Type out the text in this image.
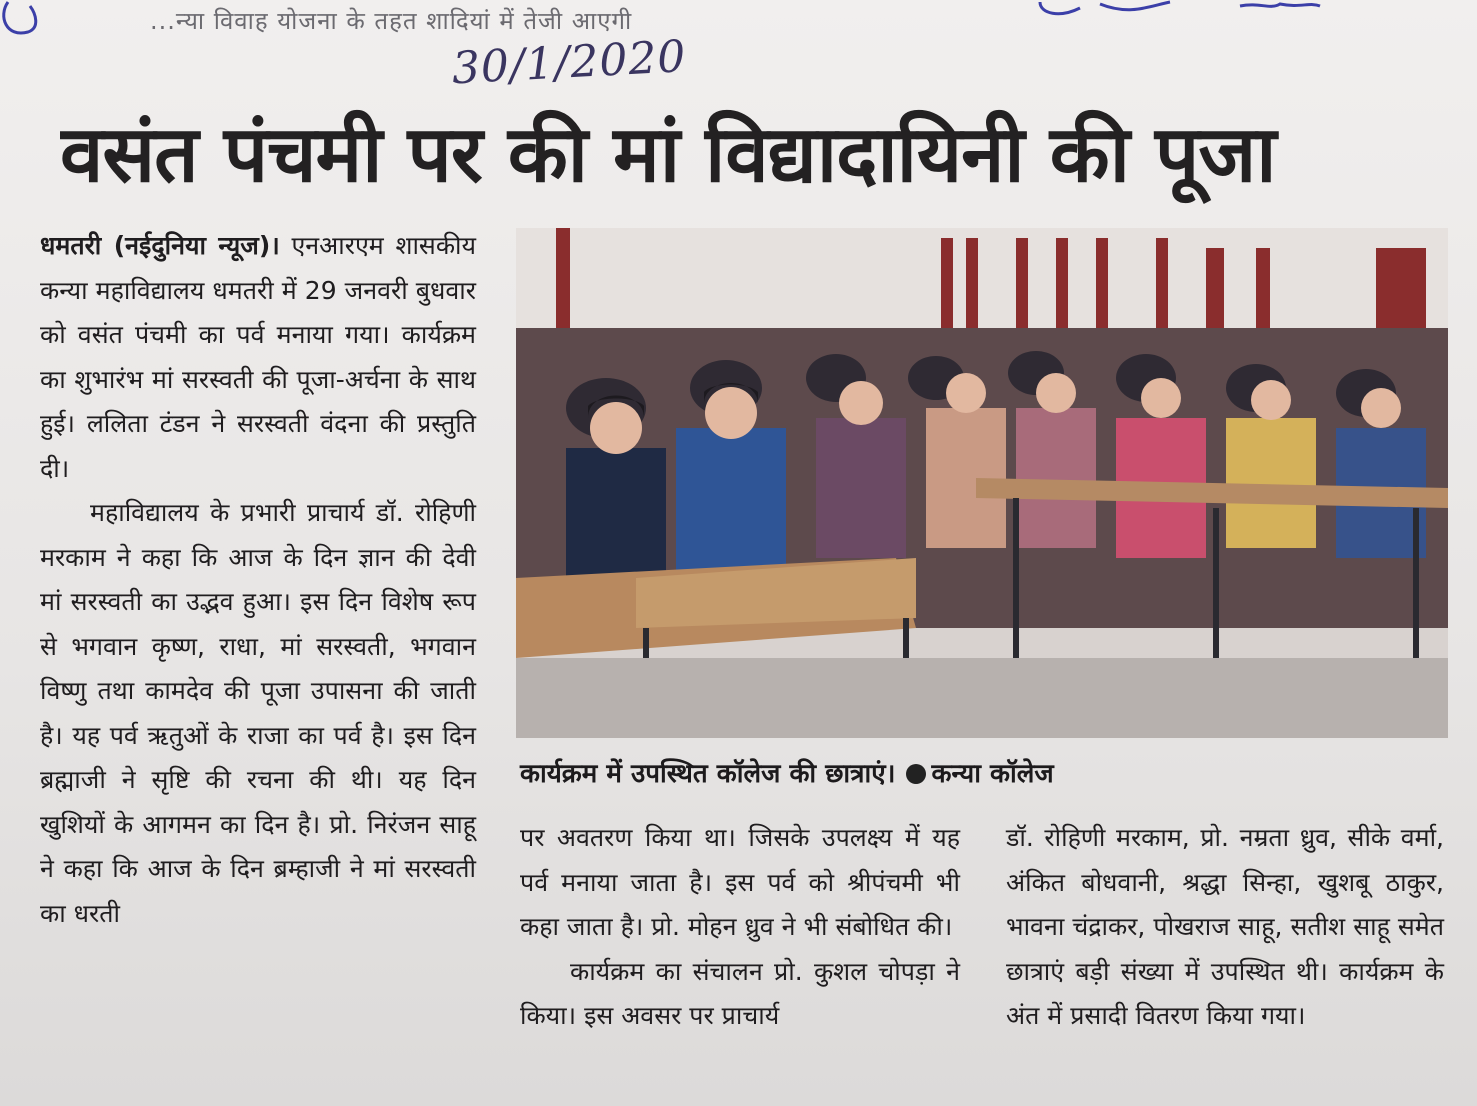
...न्या विवाह योजना के तहत शादियां में तेजी आएगी
30/1/2020
वसंत पंचमी पर की मां विद्यादायिनी की पूजा

धमतरी (नईदुनिया न्यूज)। एनआरएम शासकीय कन्या महाविद्यालय धमतरी में 29 जनवरी बुधवार को वसंत पंचमी का पर्व मनाया गया। कार्यक्रम का शुभारंभ मां सरस्वती की पूजा-अर्चना के साथ हुई। ललिता टंडन ने सरस्वती वंदना की प्रस्तुति दी।

महाविद्यालय के प्रभारी प्राचार्य डॉ. रोहिणी मरकाम ने कहा कि आज के दिन ज्ञान की देवी मां सरस्वती का उद्भव हुआ। इस दिन विशेष रूप से भगवान कृष्ण, राधा, मां सरस्वती, भगवान विष्णु तथा कामदेव की पूजा उपासना की जाती है। यह पर्व ऋतुओं के राजा का पर्व है। इस दिन ब्रह्माजी ने सृष्टि की रचना की थी। यह दिन खुशियों के आगमन का दिन है। प्रो. निरंजन साहू ने कहा कि आज के दिन ब्रम्हाजी ने मां सरस्वती का धरती

कार्यक्रम में उपस्थित कॉलेज की छात्राएं। कन्या कॉलेज

पर अवतरण किया था। जिसके उपलक्ष्य में यह पर्व मनाया जाता है। इस पर्व को श्रीपंचमी भी कहा जाता है। प्रो. मोहन ध्रुव ने भी संबोधित की।

कार्यक्रम का संचालन प्रो. कुशल चोपड़ा ने किया। इस अवसर पर प्राचार्य

डॉ. रोहिणी मरकाम, प्रो. नम्रता ध्रुव, सीके वर्मा, अंकित बोधवानी, श्रद्धा सिन्हा, खुशबू ठाकुर, भावना चंद्राकर, पोखराज साहू, सतीश साहू समेत छात्राएं बड़ी संख्या में उपस्थित थी। कार्यक्रम के अंत में प्रसादी वितरण किया गया।
